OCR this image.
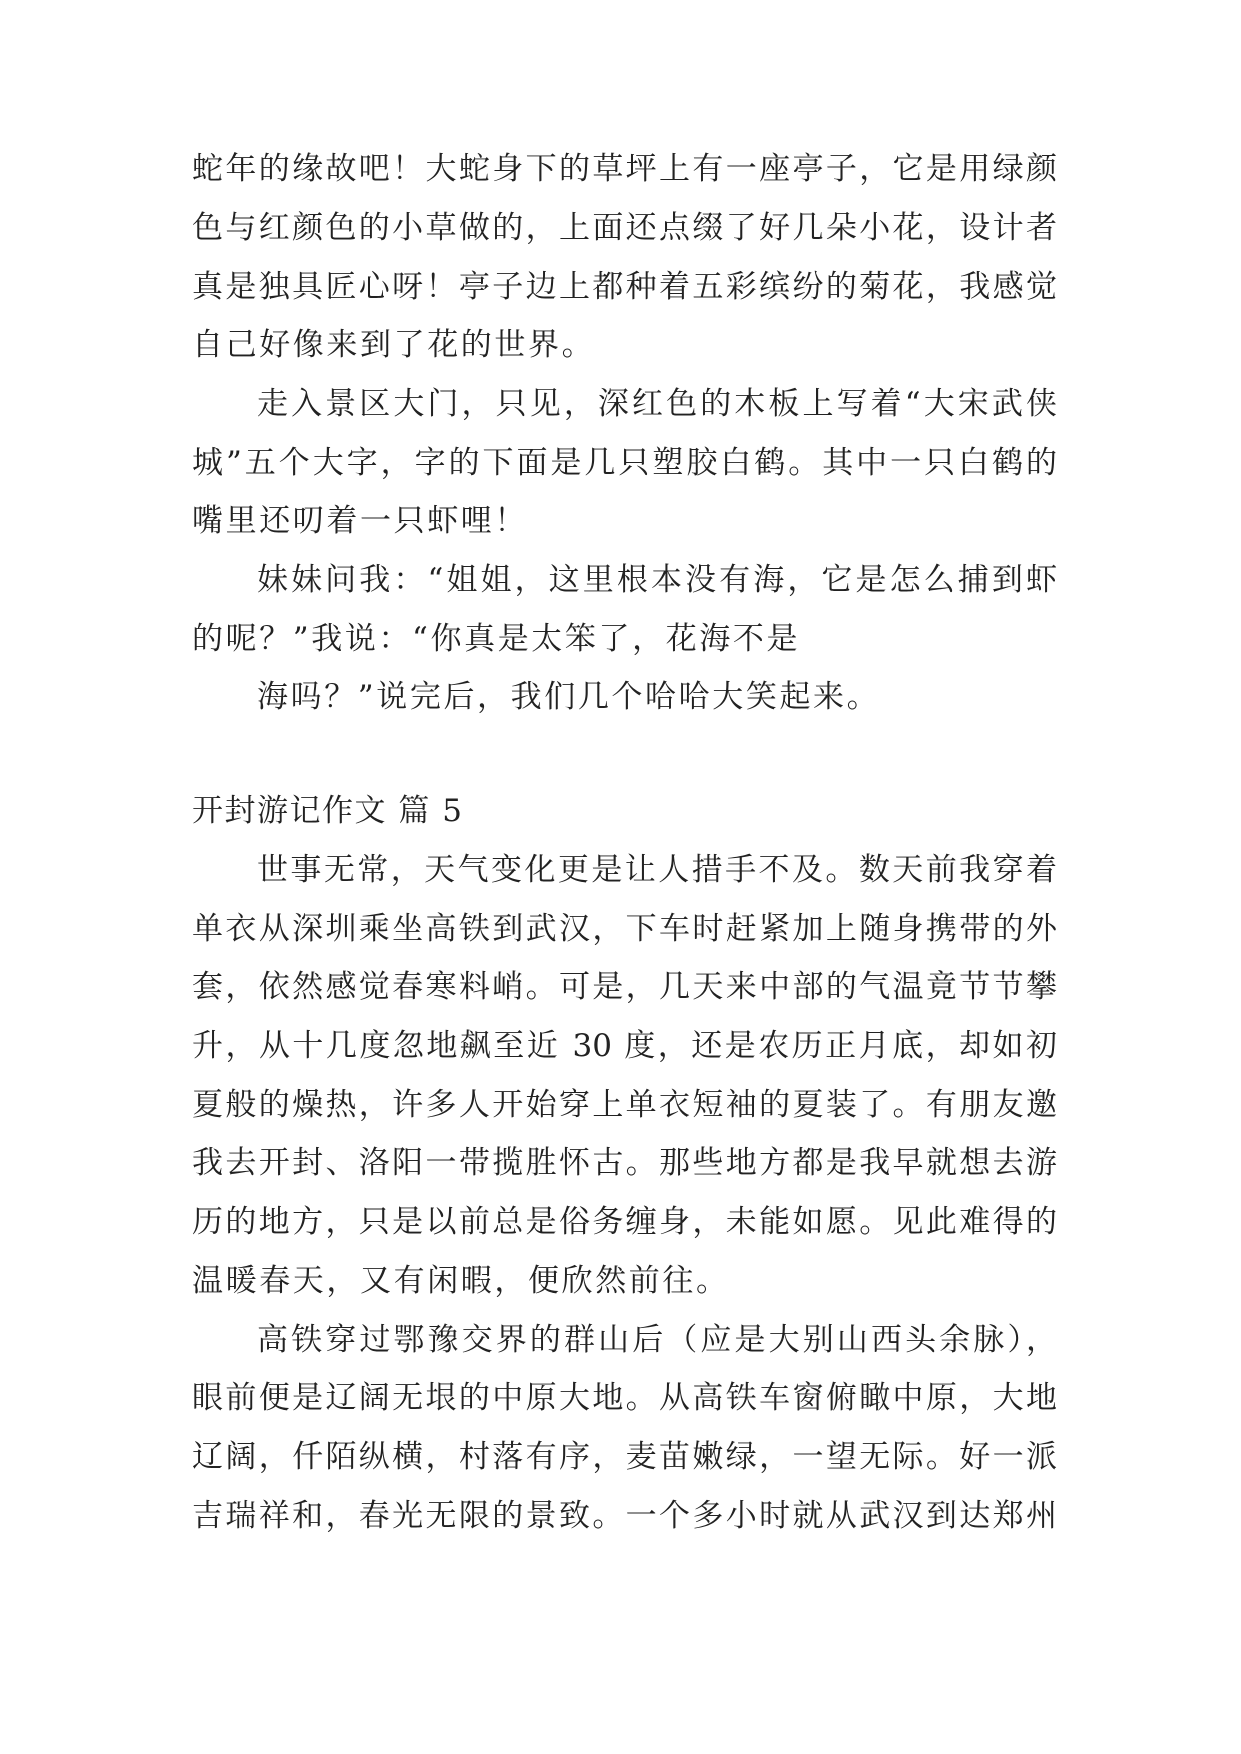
蛇年的缘故吧！大蛇身下的草坪上有一座亭子，它是用绿颜
色与红颜色的小草做的，上面还点缀了好几朵小花，设计者
真是独具匠心呀！亭子边上都种着五彩缤纷的菊花，我感觉
自己好像来到了花的世界。
走入景区大门，只见，深红色的木板上写着“大宋武侠
城”五个大字，字的下面是几只塑胶白鹤。其中一只白鹤的
嘴里还叨着一只虾哩！
妹妹问我：“姐姐，这里根本没有海，它是怎么捕到虾
的呢？”我说：“你真是太笨了，花海不是
海吗？”说完后，我们几个哈哈大笑起来。
开封游记作文 篇 5
世事无常，天气变化更是让人措手不及。数天前我穿着
单衣从深圳乘坐高铁到武汉，下车时赶紧加上随身携带的外
套，依然感觉春寒料峭。可是，几天来中部的气温竟节节攀
升，从十几度忽地飙至近 30 度，还是农历正月底，却如初
夏般的燥热，许多人开始穿上单衣短袖的夏装了。有朋友邀
我去开封、洛阳一带揽胜怀古。那些地方都是我早就想去游
历的地方，只是以前总是俗务缠身，未能如愿。见此难得的
温暖春天，又有闲暇，便欣然前往。
高铁穿过鄂豫交界的群山后（应是大别山西头余脉），
眼前便是辽阔无垠的中原大地。从高铁车窗俯瞰中原，大地
辽阔，仟陌纵横，村落有序，麦苗嫩绿，一望无际。好一派
吉瑞祥和，春光无限的景致。一个多小时就从武汉到达郑州
